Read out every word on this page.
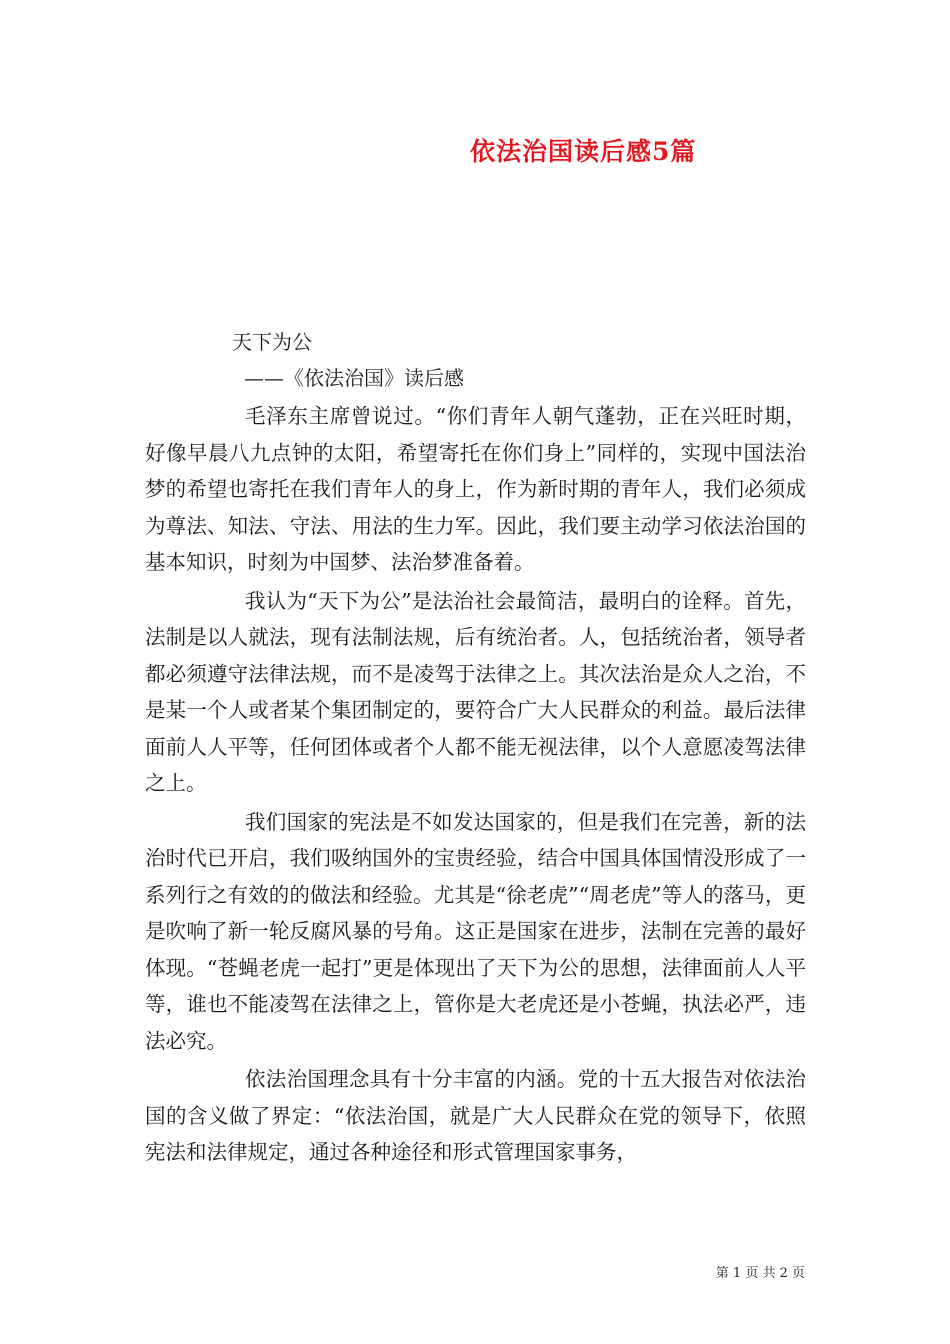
依法治国读后感5篇
天下为公
——《依法治国》读后感

毛泽东主席曾说过。“你们青年人朝气蓬勃，正在兴旺时期，好像早晨八九点钟的太阳，希望寄托在你们身上”同样的，实现中国法治梦的希望也寄托在我们青年人的身上，作为新时期的青年人，我们必须成为尊法、知法、守法、用法的生力军。因此，我们要主动学习依法治国的基本知识，时刻为中国梦、法治梦准备着。

我认为“天下为公”是法治社会最简洁，最明白的诠释。首先，法制是以人就法，现有法制法规，后有统治者。人，包括统治者，领导者都必须遵守法律法规，而不是凌驾于法律之上。其次法治是众人之治，不是某一个人或者某个集团制定的，要符合广大人民群众的利益。最后法律面前人人平等，任何团体或者个人都不能无视法律，以个人意愿凌驾法律之上。

我们国家的宪法是不如发达国家的，但是我们在完善，新的法治时代已开启，我们吸纳国外的宝贵经验，结合中国具体国情没形成了一系列行之有效的的做法和经验。尤其是“徐老虎”“周老虎”等人的落马，更是吹响了新一轮反腐风暴的号角。这正是国家在进步，法制在完善的最好体现。“苍蝇老虎一起打”更是体现出了天下为公的思想，法律面前人人平等，谁也不能凌驾在法律之上，管你是大老虎还是小苍蝇，执法必严，违法必究。

依法治国理念具有十分丰富的内涵。党的十五大报告对依法治国的含义做了界定：“依法治国，就是广大人民群众在党的领导下，依照宪法和法律规定，通过各种途径和形式管理国家事务，

第 1 页 共 2 页
